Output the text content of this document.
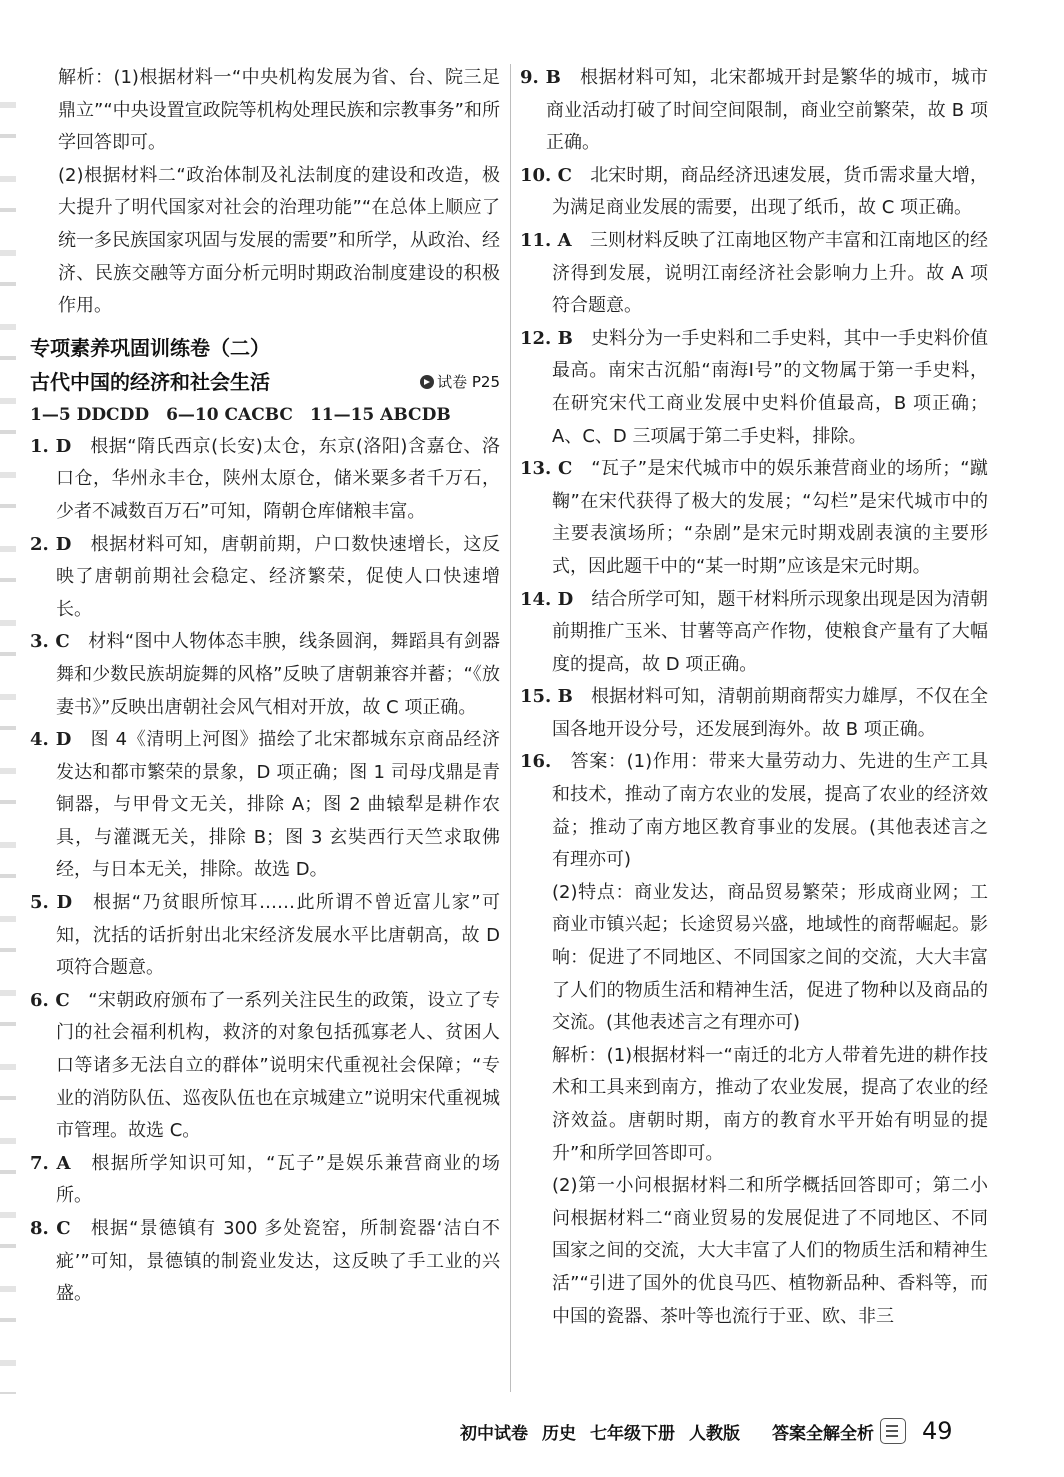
解析：(1)根据材料一“中央机构发展为省、台、院三足鼎立”“中央设置宣政院等机构处理民族和宗教事务”和所学回答即可。

(2)根据材料二“政治体制及礼法制度的建设和改造，极大提升了明代国家对社会的治理功能”“在总体上顺应了统一多民族国家巩固与发展的需要”和所学，从政治、经济、民族交融等方面分析元明时期政治制度建设的积极作用。

专项素养巩固训练卷（二）
古代中国的经济和社会生活	试卷 P25

1—5 DDCDD　6—10 CACBC　11—15 ABCDB

1. D　 根据“隋氏西京(长安)太仓，东京(洛阳)含嘉仓、洛口仓，华州永丰仓，陕州太原仓，储米粟多者千万石，少者不减数百万石”可知，隋朝仓库储粮丰富。

2. D　 根据材料可知，唐朝前期，户口数快速增长，这反映了唐朝前期社会稳定、经济繁荣，促使人口快速增长。

3. C　 材料“图中人物体态丰腴，线条圆润，舞蹈具有剑器舞和少数民族胡旋舞的风格”反映了唐朝兼容并蓄；“《放妻书》”反映出唐朝社会风气相对开放，故 C 项正确。

4. D　 图 4《清明上河图》描绘了北宋都城东京商品经济发达和都市繁荣的景象，D 项正确；图 1 司母戊鼎是青铜器，与甲骨文无关，排除 A；图 2 曲辕犁是耕作农具，与灌溉无关，排除 B；图 3 玄奘西行天竺求取佛经，与日本无关，排除。故选 D。

5. D　 根据“乃贫眼所惊耳……此所谓不曾近富儿家”可知，沈括的话折射出北宋经济发展水平比唐朝高，故 D 项符合题意。

6. C　 “宋朝政府颁布了一系列关注民生的政策，设立了专门的社会福利机构，救济的对象包括孤寡老人、贫困人口等诸多无法自立的群体”说明宋代重视社会保障；“专业的消防队伍、巡夜队伍也在京城建立”说明宋代重视城市管理。故选 C。

7. A　 根据所学知识可知，“瓦子”是娱乐兼营商业的场所。

8. C　 根据“景德镇有 300 多处瓷窑，所制瓷器‘洁白不疵’”可知，景德镇的制瓷业发达，这反映了手工业的兴盛。

9. B　 根据材料可知，北宋都城开封是繁华的城市，城市商业活动打破了时间空间限制，商业空前繁荣，故 B 项正确。

10. C　 北宋时期，商品经济迅速发展，货币需求量大增，为满足商业发展的需要，出现了纸币，故 C 项正确。

11. A　 三则材料反映了江南地区物产丰富和江南地区的经济得到发展，说明江南经济社会影响力上升。故 A 项符合题意。

12. B　 史料分为一手史料和二手史料，其中一手史料价值最高。南宋古沉船“南海Ⅰ号”的文物属于第一手史料，在研究宋代工商业发展中史料价值最高，B 项正确；A、C、D 三项属于第二手史料，排除。

13. C　 “瓦子”是宋代城市中的娱乐兼营商业的场所；“蹴鞠”在宋代获得了极大的发展；“勾栏”是宋代城市中的主要表演场所；“杂剧”是宋元时期戏剧表演的主要形式，因此题干中的“某一时期”应该是宋元时期。

14. D　 结合所学可知，题干材料所示现象出现是因为清朝前期推广玉米、甘薯等高产作物，使粮食产量有了大幅度的提高，故 D 项正确。

15. B　 根据材料可知，清朝前期商帮实力雄厚，不仅在全国各地开设分号，还发展到海外。故 B 项正确。

16.　 答案：(1)作用：带来大量劳动力、先进的生产工具和技术，推动了南方农业的发展，提高了农业的经济效益；推动了南方地区教育事业的发展。(其他表述言之有理亦可)

(2)特点：商业发达，商品贸易繁荣；形成商业网；工商业市镇兴起；长途贸易兴盛，地域性的商帮崛起。影响：促进了不同地区、不同国家之间的交流，大大丰富了人们的物质生活和精神生活，促进了物种以及商品的交流。(其他表述言之有理亦可)

解析：(1)根据材料一“南迁的北方人带着先进的耕作技术和工具来到南方，推动了农业发展，提高了农业的经济效益。唐朝时期，南方的教育水平开始有明显的提升”和所学回答即可。

(2)第一小问根据材料二和所学概括回答即可；第二小问根据材料二“商业贸易的发展促进了不同地区、不同国家之间的交流，大大丰富了人们的物质生活和精神生活”“引进了国外的优良马匹、植物新品种、香料等，而中国的瓷器、茶叶等也流行于亚、欧、非三

初中试卷 历史 七年级下册 人教版 答案全解全析 49
